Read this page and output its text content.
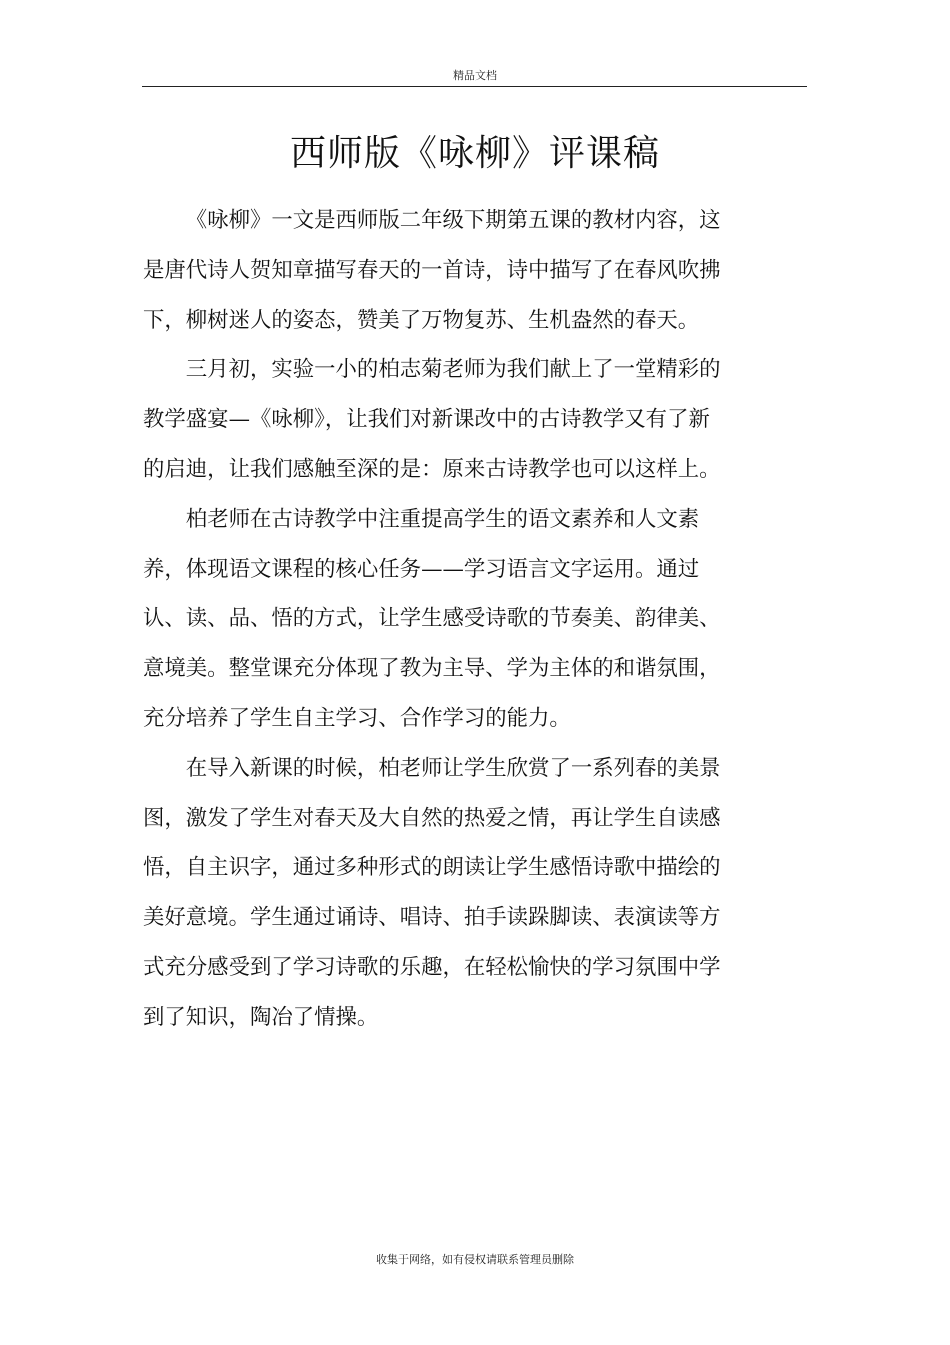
精品文档
西师版《咏柳》评课稿

《咏柳》一文是西师版二年级下期第五课的教材内容，这是唐代诗人贺知章描写春天的一首诗，诗中描写了在春风吹拂下，柳树迷人的姿态，赞美了万物复苏、生机盎然的春天。

三月初，实验一小的柏志菊老师为我们献上了一堂精彩的教学盛宴—《咏柳》，让我们对新课改中的古诗教学又有了新的启迪，让我们感触至深的是：原来古诗教学也可以这样上。

柏老师在古诗教学中注重提高学生的语文素养和人文素养，体现语文课程的核心任务——学习语言文字运用。通过认、读、品、悟的方式，让学生感受诗歌的节奏美、韵律美、意境美。整堂课充分体现了教为主导、学为主体的和谐氛围，充分培养了学生自主学习、合作学习的能力。

在导入新课的时候，柏老师让学生欣赏了一系列春的美景图，激发了学生对春天及大自然的热爱之情，再让学生自读感悟，自主识字，通过多种形式的朗读让学生感悟诗歌中描绘的美好意境。学生通过诵诗、唱诗、拍手读跺脚读、表演读等方式充分感受到了学习诗歌的乐趣，在轻松愉快的学习氛围中学到了知识，陶冶了情操。

收集于网络，如有侵权请联系管理员删除
